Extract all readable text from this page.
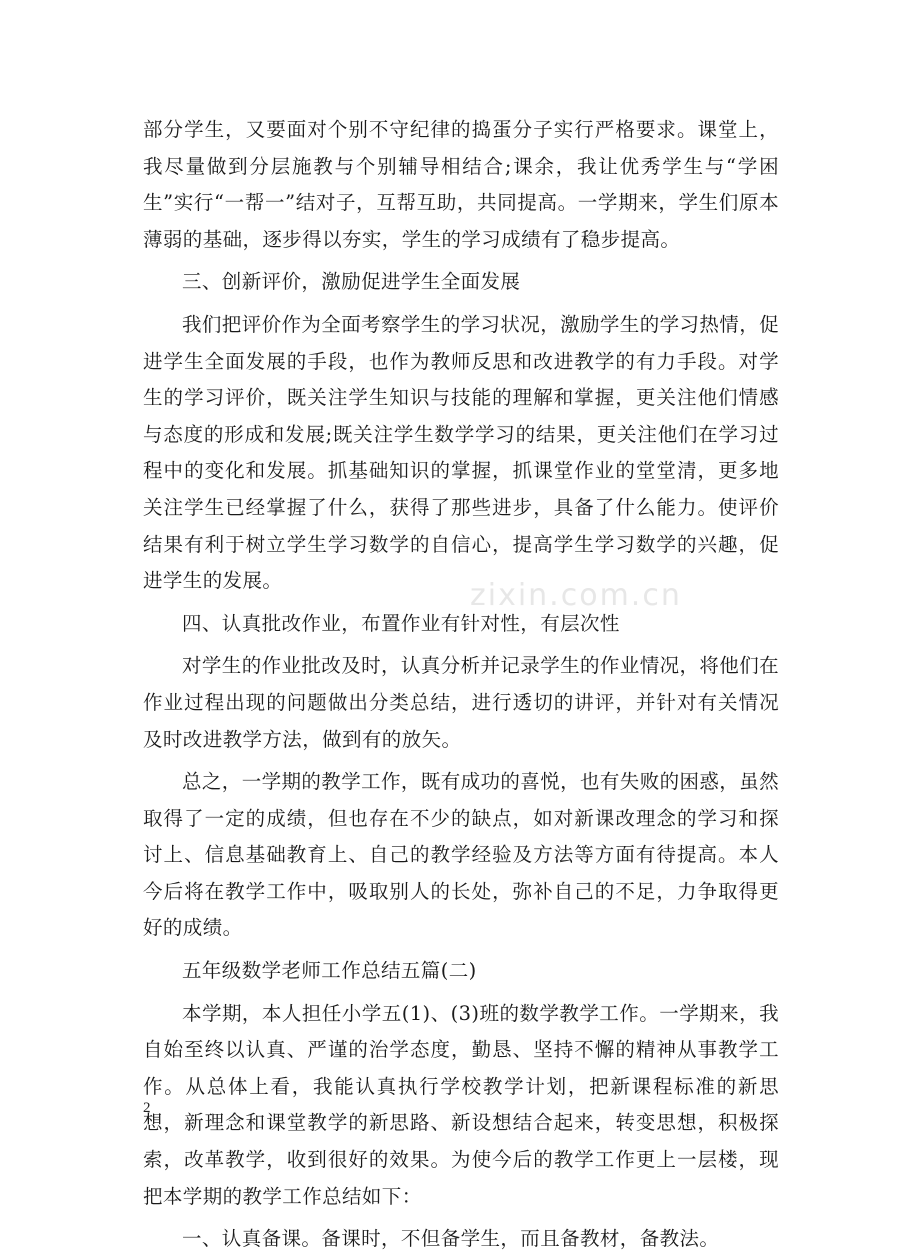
部分学生，又要面对个别不守纪律的捣蛋分子实行严格要求。课堂上，我尽量做到分层施教与个别辅导相结合;课余，我让优秀学生与“学困生”实行“一帮一”结对子，互帮互助，共同提高。一学期来，学生们原本薄弱的基础，逐步得以夯实，学生的学习成绩有了稳步提高。

三、创新评价，激励促进学生全面发展

我们把评价作为全面考察学生的学习状况，激励学生的学习热情，促进学生全面发展的手段，也作为教师反思和改进教学的有力手段。对学生的学习评价，既关注学生知识与技能的理解和掌握，更关注他们情感与态度的形成和发展;既关注学生数学学习的结果，更关注他们在学习过程中的变化和发展。抓基础知识的掌握，抓课堂作业的堂堂清，更多地关注学生已经掌握了什么，获得了那些进步，具备了什么能力。使评价结果有利于树立学生学习数学的自信心，提高学生学习数学的兴趣，促进学生的发展。

四、认真批改作业，布置作业有针对性，有层次性

对学生的作业批改及时，认真分析并记录学生的作业情况，将他们在作业过程出现的问题做出分类总结，进行透切的讲评，并针对有关情况及时改进教学方法，做到有的放矢。

总之，一学期的教学工作，既有成功的喜悦，也有失败的困惑，虽然取得了一定的成绩，但也存在不少的缺点，如对新课改理念的学习和探讨上、信息基础教育上、自己的教学经验及方法等方面有待提高。本人今后将在教学工作中，吸取别人的长处，弥补自己的不足，力争取得更好的成绩。

五年级数学老师工作总结五篇(二)

本学期，本人担任小学五(1)、(3)班的数学教学工作。一学期来，我自始至终以认真、严谨的治学态度，勤恳、坚持不懈的精神从事教学工作。从总体上看，我能认真执行学校教学计划，把新课程标准的新思想，新理念和课堂教学的新思路、新设想结合起来，转变思想，积极探索，改革教学，收到很好的效果。为使今后的教学工作更上一层楼，现把本学期的教学工作总结如下：

一、认真备课。备课时，不但备学生，而且备教材，备教法。

zixin.com.cn
2
